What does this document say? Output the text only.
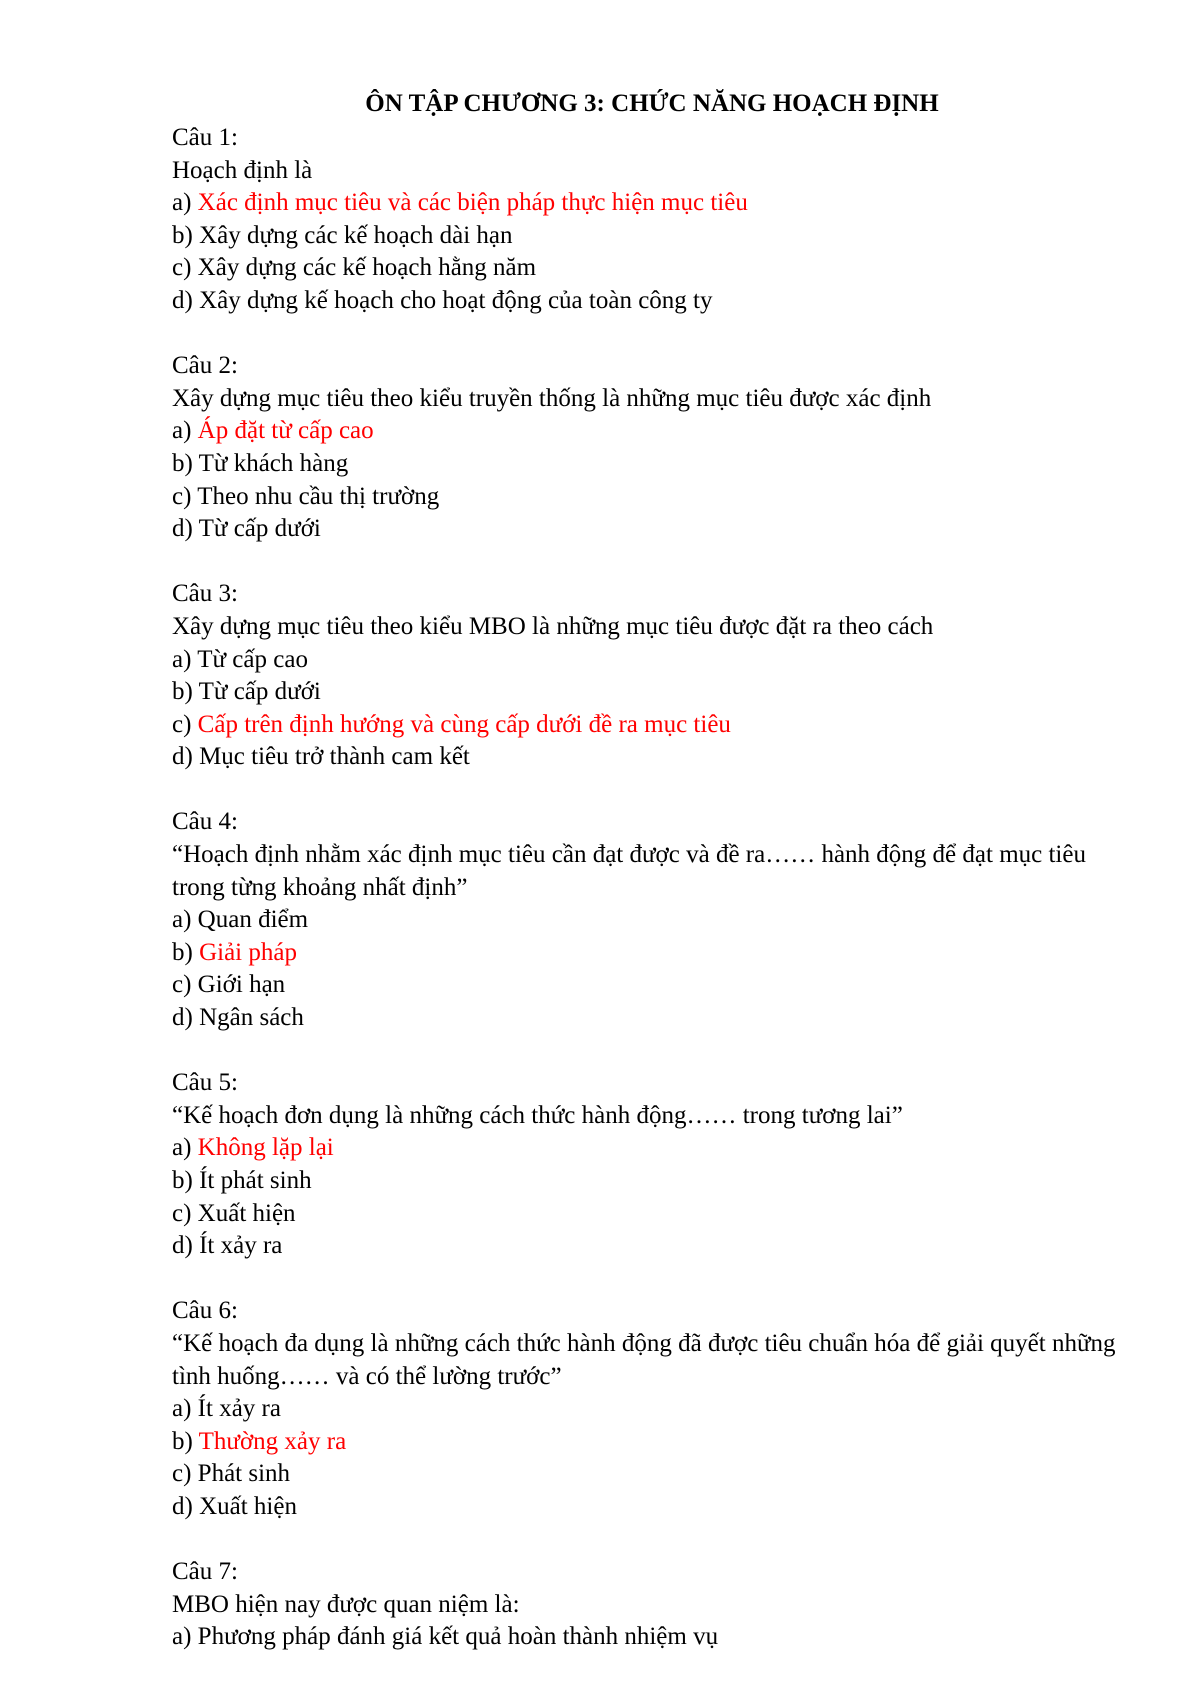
ÔN TẬP CHƯƠNG 3: CHỨC NĂNG HOẠCH ĐỊNH
Câu 1:
Hoạch định là
a) Xác định mục tiêu và các biện pháp thực hiện mục tiêu
b) Xây dựng các kế hoạch dài hạn
c) Xây dựng các kế hoạch hằng năm
d) Xây dựng kế hoạch cho hoạt động của toàn công ty
Câu 2:
Xây dựng mục tiêu theo kiểu truyền thống là những mục tiêu được xác định
a) Áp đặt từ cấp cao
b) Từ khách hàng
c) Theo nhu cầu thị trường
d) Từ cấp dưới
Câu 3:
Xây dựng mục tiêu theo kiểu MBO là những mục tiêu được đặt ra theo cách
a) Từ cấp cao
b) Từ cấp dưới
c) Cấp trên định hướng và cùng cấp dưới đề ra mục tiêu
d) Mục tiêu trở thành cam kết
Câu 4:
“Hoạch định nhằm xác định mục tiêu cần đạt được và đề ra…… hành động để đạt mục tiêu trong từng khoảng nhất định”
a) Quan điểm
b) Giải pháp
c) Giới hạn
d) Ngân sách
Câu 5:
“Kế hoạch đơn dụng là những cách thức hành động…… trong tương lai”
a) Không lặp lại
b) Ít phát sinh
c) Xuất hiện
d) Ít xảy ra
Câu 6:
“Kế hoạch đa dụng là những cách thức hành động đã được tiêu chuẩn hóa để giải quyết những tình huống…… và có thể lường trước”
a) Ít xảy ra
b) Thường xảy ra
c) Phát sinh
d) Xuất hiện
Câu 7:
MBO hiện nay được quan niệm là:
a) Phương pháp đánh giá kết quả hoàn thành nhiệm vụ
